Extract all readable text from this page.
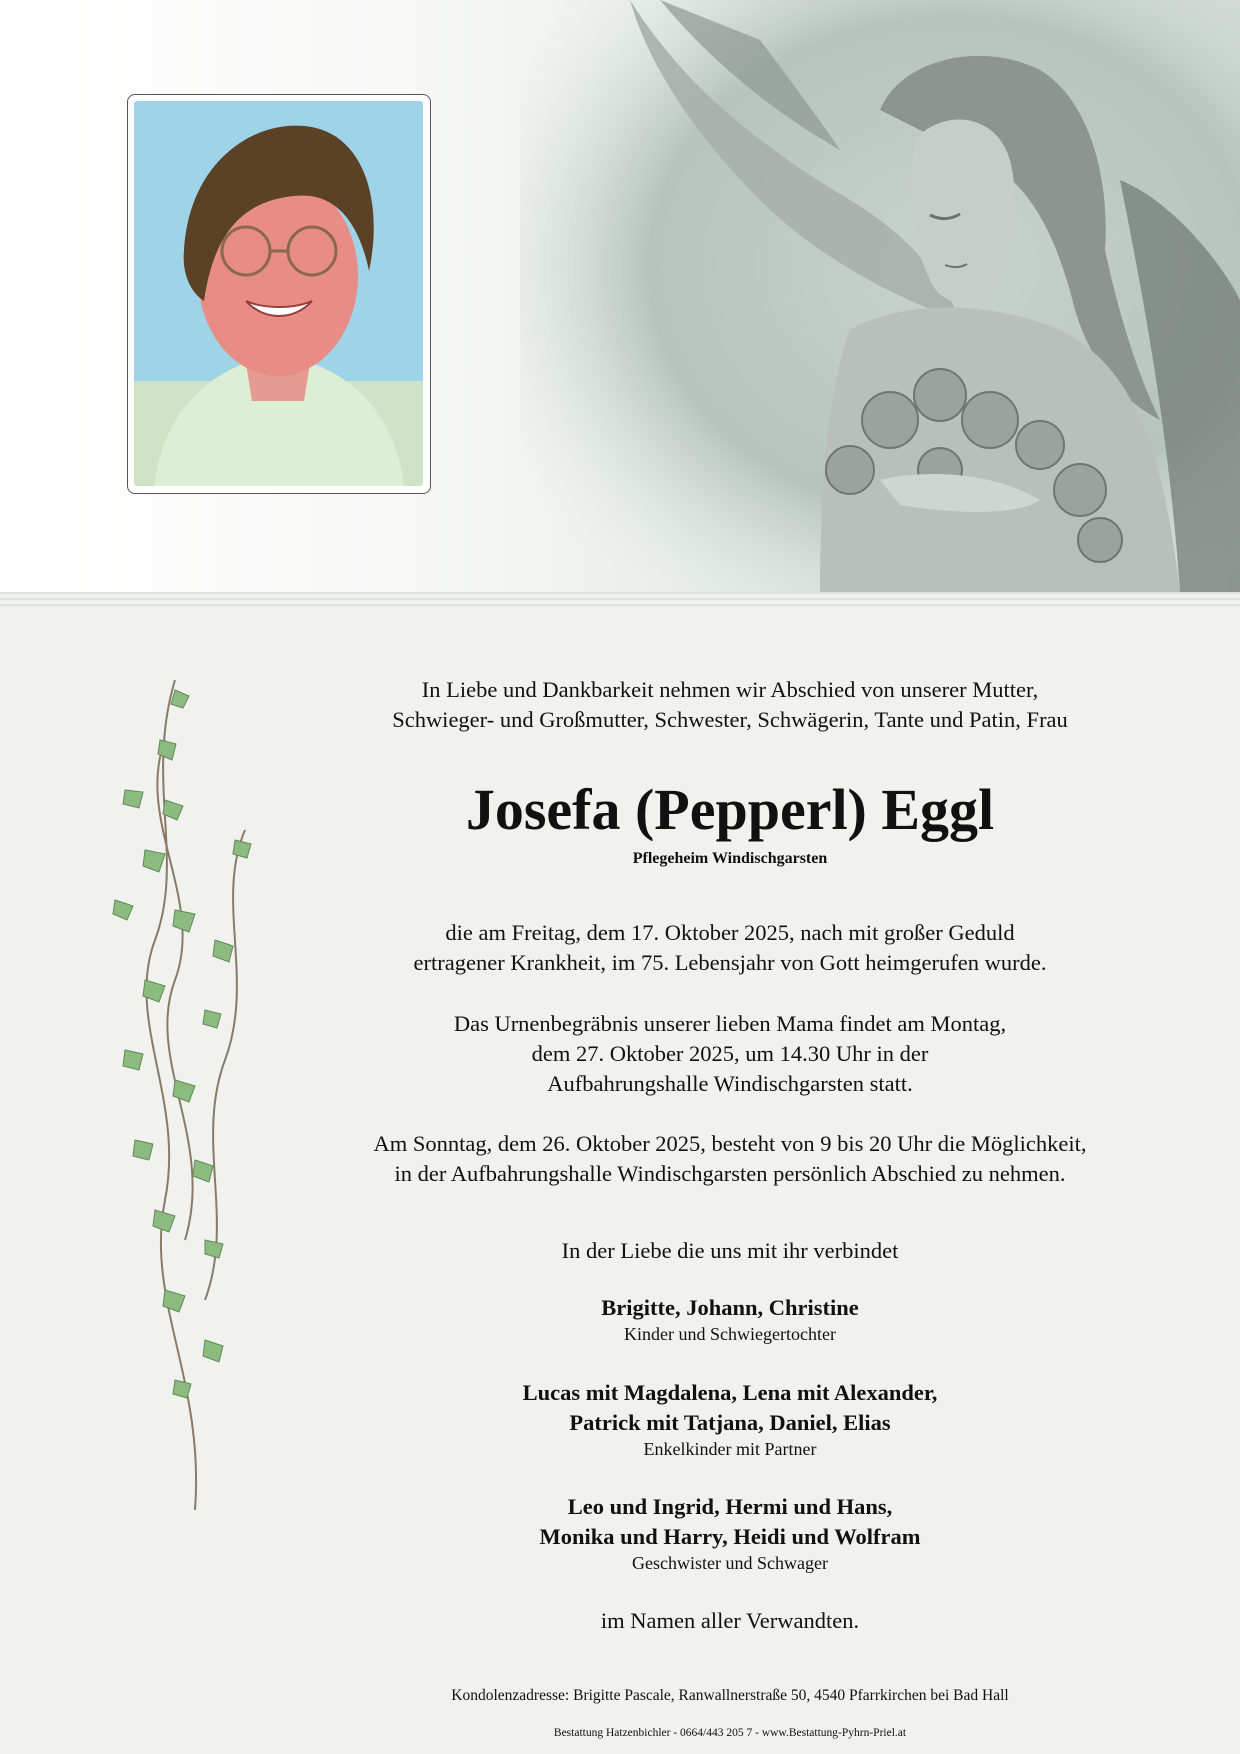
In Liebe und Dankbarkeit nehmen wir Abschied von unserer Mutter,
Schwieger- und Großmutter, Schwester, Schwägerin, Tante und Patin, Frau
Josefa (Pepperl) Eggl
Pflegeheim Windischgarsten
die am Freitag, dem 17. Oktober 2025, nach mit großer Geduld
ertragener Krankheit, im 75. Lebensjahr von Gott heimgerufen wurde.
Das Urnenbegräbnis unserer lieben Mama findet am Montag,
dem 27. Oktober 2025, um 14.30 Uhr in der
Aufbahrungshalle Windischgarsten statt.
Am Sonntag, dem 26. Oktober 2025, besteht von 9 bis 20 Uhr die Möglichkeit,
in der Aufbahrungshalle Windischgarsten persönlich Abschied zu nehmen.
In der Liebe die uns mit ihr verbindet
Brigitte, Johann, Christine
Kinder und Schwiegertochter
Lucas mit Magdalena, Lena mit Alexander,
Patrick mit Tatjana, Daniel, Elias
Enkelkinder mit Partner
Leo und Ingrid, Hermi und Hans,
Monika und Harry, Heidi und Wolfram
Geschwister und Schwager
im Namen aller Verwandten.
Kondolenzadresse: Brigitte Pascale, Ranwallnerstraße 50, 4540 Pfarrkirchen bei Bad Hall
Bestattung Hatzenbichler - 0664/443 205 7 - www.Bestattung-Pyhrn-Priel.at
